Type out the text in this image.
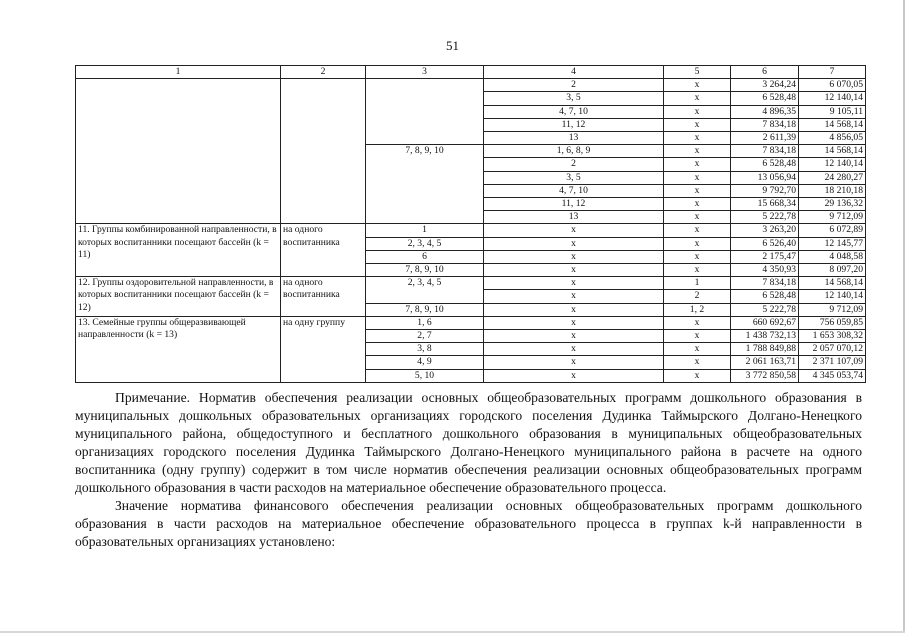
51
1	2	3	4	5	6	7
			2	x	3 264,24	6 070,05
			3, 5	x	6 528,48	12 140,14
			4, 7, 10	x	4 896,35	9 105,11
			11, 12	x	7 834,18	14 568,14
			13	x	2 611,39	4 856,05
		7, 8, 9, 10	1, 6, 8, 9	x	7 834,18	14 568,14
			2	x	6 528,48	12 140,14
			3, 5	x	13 056,94	24 280,27
			4, 7, 10	x	9 792,70	18 210,18
			11, 12	x	15 668,34	29 136,32
			13	x	5 222,78	9 712,09
11. Группы комбинированной направленности, в которых воспитанники посещают бассейн (k = 11)	на одного воспитанника	1	x	x	3 263,20	6 072,89
		2, 3, 4, 5	x	x	6 526,40	12 145,77
		6	x	x	2 175,47	4 048,58
		7, 8, 9, 10	x	x	4 350,93	8 097,20
12. Группы оздоровительной направленности, в которых воспитанники посещают бассейн (k = 12)	на одного воспитанника	2, 3, 4, 5	x	1	7 834,18	14 568,14
			x	2	6 528,48	12 140,14
		7, 8, 9, 10	x	1, 2	5 222,78	9 712,09
13. Семейные группы общеразвивающей направленности (k = 13)	на одну группу	1, 6	x	x	660 692,67	756 059,85
		2, 7	x	x	1 438 732,13	1 653 308,32
		3, 8	x	x	1 788 849,88	2 057 070,12
		4, 9	x	x	2 061 163,71	2 371 107,09
		5, 10	x	x	3 772 850,58	4 345 053,74

Примечание. Норматив обеспечения реализации основных общеобразовательных программ дошкольного образования в муниципальных дошкольных образовательных организациях городского поселения Дудинка Таймырского Долгано-Ненецкого муниципального района, общедоступного и бесплатного дошкольного образования в муниципальных общеобразовательных организациях городского поселения Дудинка Таймырского Долгано-Ненецкого муниципального района в расчете на одного воспитанника (одну группу) содержит в том числе норматив обеспечения реализации основных общеобразовательных программ дошкольного образования в части расходов на материальное обеспечение образовательного процесса.

Значение норматива финансового обеспечения реализации основных общеобразовательных программ дошкольного образования в части расходов на материальное обеспечение образовательного процесса в группах k-й направленности в образовательных организациях установлено:
